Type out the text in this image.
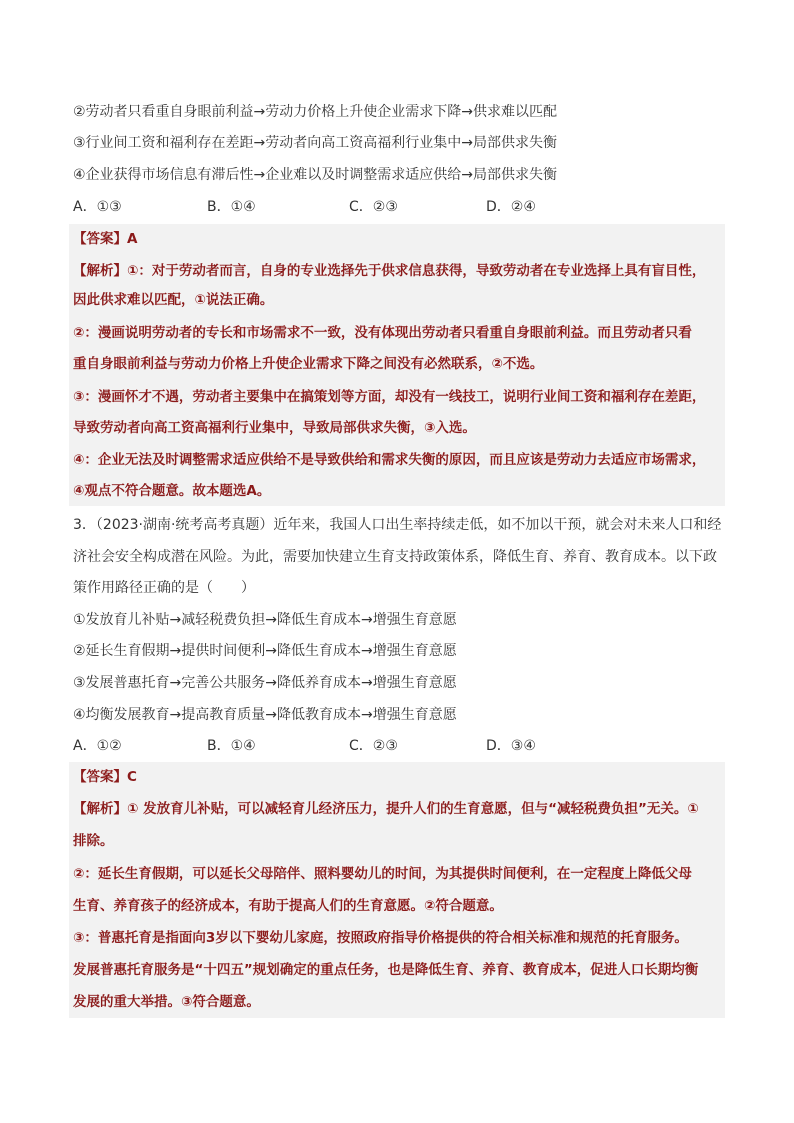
②劳动者只看重自身眼前利益→劳动力价格上升使企业需求下降→供求难以匹配
③行业间工资和福利存在差距→劳动者向高工资高福利行业集中→局部供求失衡
④企业获得市场信息有滞后性→企业难以及时调整需求适应供给→局部供求失衡
A．①③	B．①④	C．②③	D．②④
【答案】A
【解析】①：对于劳动者而言，自身的专业选择先于供求信息获得，导致劳动者在专业选择上具有盲目性，
因此供求难以匹配，①说法正确。
②：漫画说明劳动者的专长和市场需求不一致，没有体现出劳动者只看重自身眼前利益。而且劳动者只看
重自身眼前利益与劳动力价格上升使企业需求下降之间没有必然联系，②不选。
③：漫画怀才不遇，劳动者主要集中在搞策划等方面，却没有一线技工，说明行业间工资和福利存在差距，
导致劳动者向高工资高福利行业集中，导致局部供求失衡，③入选。
④：企业无法及时调整需求适应供给不是导致供给和需求失衡的原因，而且应该是劳动力去适应市场需求，
④观点不符合题意。故本题选A。
3．（2023·湖南·统考高考真题）近年来，我国人口出生率持续走低，如不加以干预，就会对未来人口和经
济社会安全构成潜在风险。为此，需要加快建立生育支持政策体系，降低生育、养育、教育成本。以下政
策作用路径正确的是（　　）
①发放育儿补贴→减轻税费负担→降低生育成本→增强生育意愿
②延长生育假期→提供时间便利→降低生育成本→增强生育意愿
③发展普惠托育→完善公共服务→降低养育成本→增强生育意愿
④均衡发展教育→提高教育质量→降低教育成本→增强生育意愿
A．①②	B．①④	C．②③	D．③④
【答案】C
【解析】① 发放育儿补贴，可以减轻育儿经济压力，提升人们的生育意愿，但与“减轻税费负担”无关。①
排除。
②：延长生育假期，可以延长父母陪伴、照料婴幼儿的时间，为其提供时间便利，在一定程度上降低父母
生育、养育孩子的经济成本，有助于提高人们的生育意愿。②符合题意。
③：普惠托育是指面向3岁以下婴幼儿家庭，按照政府指导价格提供的符合相关标准和规范的托育服务。
发展普惠托育服务是“十四五”规划确定的重点任务，也是降低生育、养育、教育成本，促进人口长期均衡
发展的重大举措。③符合题意。
